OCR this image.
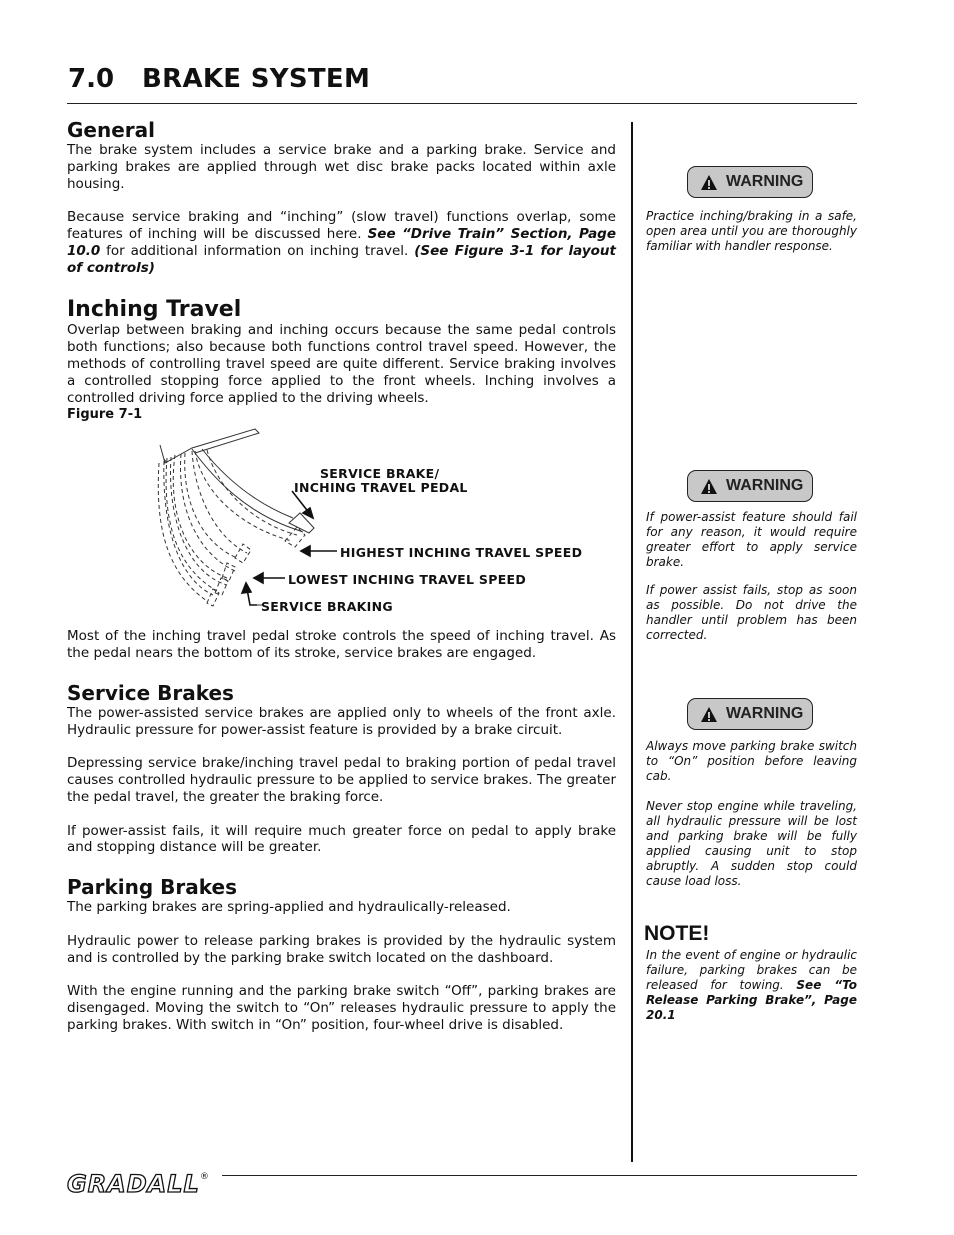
7.0 BRAKE SYSTEM
General

The brake system includes a service brake and a parking brake. Service and parking brakes are applied through wet disc brake packs located within axle housing.

Because service braking and “inching” (slow travel) functions overlap, some features of inching will be discussed here. See “Drive Train” Section, Page 10.0 for additional information on inching travel. (See Figure 3-1 for layout of controls)

Inching Travel

Overlap between braking and inching occurs because the same pedal controls both functions; also because both functions control travel speed. However, the methods of controlling travel speed are quite different. Service braking involves a controlled stopping force applied to the front wheels. Inching involves a controlled driving force applied to the driving wheels.

Figure 7-1
SERVICE BRAKE/
INCHING TRAVEL PEDAL
HIGHEST INCHING TRAVEL SPEED
LOWEST INCHING TRAVEL SPEED
SERVICE BRAKING

Most of the inching travel pedal stroke controls the speed of inching travel. As the pedal nears the bottom of its stroke, service brakes are engaged.

Service Brakes

The power-assisted service brakes are applied only to wheels of the front axle. Hydraulic pressure for power-assist feature is provided by a brake circuit.

Depressing service brake/inching travel pedal to braking portion of pedal travel causes controlled hydraulic pressure to be applied to service brakes. The greater the pedal travel, the greater the braking force.

If power-assist fails, it will require much greater force on pedal to apply brake and stopping distance will be greater.

Parking Brakes

The parking brakes are spring-applied and hydraulically-released.

Hydraulic power to release parking brakes is provided by the hydraulic system and is controlled by the parking brake switch located on the dashboard.

With the engine running and the parking brake switch “Off”, parking brakes are disengaged. Moving the switch to “On” releases hydraulic pressure to apply the parking brakes. With switch in “On” position, four-wheel drive is disabled.

WARNING

Practice inching/braking in a safe, open area until you are thoroughly familiar with handler response.

WARNING

If power-assist feature should fail for any reason, it would require greater effort to apply service brake.

If power assist fails, stop as soon as possible. Do not drive the handler until problem has been corrected.

WARNING

Always move parking brake switch to “On” position before leaving cab.

Never stop engine while traveling, all hydraulic pressure will be lost and parking brake will be fully applied causing unit to stop abruptly. A sudden stop could cause load loss.

NOTE!

In the event of engine or hydraulic failure, parking brakes can be released for towing. See “To Release Parking Brake”, Page 20.1

GRADALL®
